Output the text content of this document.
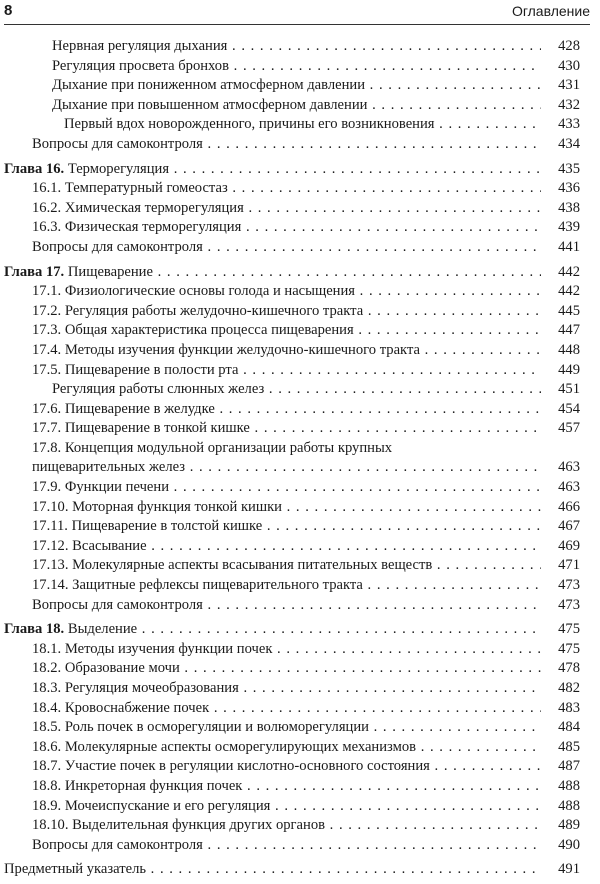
8	Оглавление
Нервная регуляция дыхания . . .	428
Регуляция просвета бронхов . . .	430
Дыхание при пониженном атмосферном давлении . . .	431
Дыхание при повышенном атмосферном давлении . . .	432
Первый вдох новорожденного, причины его возникновения . . .	433
Вопросы для самоконтроля . . .	434
Глава 16. Терморегуляция . . .	435
16.1. Температурный гомеостаз . . .	436
16.2. Химическая терморегуляция . . .	438
16.3. Физическая терморегуляция . . .	439
Вопросы для самоконтроля . . .	441
Глава 17. Пищеварение . . .	442
17.1. Физиологические основы голода и насыщения . . .	442
17.2. Регуляция работы желудочно-кишечного тракта . . .	445
17.3. Общая характеристика процесса пищеварения . . .	447
17.4. Методы изучения функции желудочно-кишечного тракта . . .	448
17.5. Пищеварение в полости рта . . .	449
Регуляция работы слюнных желез . . .	451
17.6. Пищеварение в желудке . . .	454
17.7. Пищеварение в тонкой кишке . . .	457
17.8. Концепция модульной организации работы крупных
пищеварительных желез . . .	463
17.9. Функции печени . . .	463
17.10. Моторная функция тонкой кишки . . .	466
17.11. Пищеварение в толстой кишке . . .	467
17.12. Всасывание . . .	469
17.13. Молекулярные аспекты всасывания питательных веществ . . .	471
17.14. Защитные рефлексы пищеварительного тракта . . .	473
Вопросы для самоконтроля . . .	473
Глава 18. Выделение . . .	475
18.1. Методы изучения функции почек . . .	475
18.2. Образование мочи . . .	478
18.3. Регуляция мочеобразования . . .	482
18.4. Кровоснабжение почек . . .	483
18.5. Роль почек в осморегуляции и волюморегуляции . . .	484
18.6. Молекулярные аспекты осморегулирующих механизмов . . .	485
18.7. Участие почек в регуляции кислотно-основного состояния . . .	487
18.8. Инкреторная функция почек . . .	488
18.9. Мочеиспускание и его регуляция . . .	488
18.10. Выделительная функция других органов . . .	489
Вопросы для самоконтроля . . .	490
Предметный указатель . . .	491
